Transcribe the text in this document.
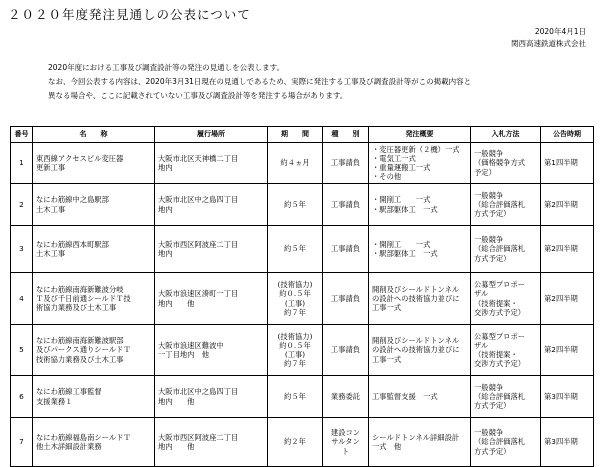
２０２０年度発注見通しの公表について
2020年4月1日
関西高速鉄道株式会社
2020年度における工事及び調査設計等の発注の見通しを公表します。
なお、今回公表する内容は、2020年3月31日現在の見通しであるため、実際に発注する工事及び調査設計等がこの掲載内容と
異なる場合や、ここに記載されていない工事及び調査設計等を発注する場合があります。
番号	名　　称	履行場所	期　　間	種　　別	発注概要	入札方法	公告時期
1	東西線アクセスビル変圧器
更新工事	大阪市北区天神橋二丁目
地内	約４ヵ月	工事請負	・変圧器更新（２機）一式
・電気工一式
・重量運搬工一式
・その他	一般競争
（価格競争方式
予定）	第1四半期
2	なにわ筋線中之島駅部
土木工事	大阪市北区中之島四丁目
地内	約５年	工事請負	・開削工　　一式
・駅部躯体工　一式	一般競争
（総合評価落札
方式予定）	第2四半期
3	なにわ筋線西本町駅部
土木工事	大阪市西区阿波座二丁目
地内	約５年	工事請負	・開削工　　一式
・駅部躯体工　一式	一般競争
（総合評価落札
方式予定）	第2四半期
4	なにわ筋線南海新難波分岐
Ｔ及び千日前通シールドＴ技
術協力業務及び土木工事	大阪市浪速区湊町一丁目
地内　　他	(技術協力)
約０.５年
(工事)
約７年	工事請負	開削及びシールドトンネル
の設計への技術協力並びに
工事一式	公募型プロポー
ザル
（技術提案・
交渉方式予定）	第2四半期
5	なにわ筋線南海新難波駅部
及びパークス通りシールドＴ
技術協力業務及び土木工事	大阪市浪速区難波中
一丁目地内　他	(技術協力)
約０.５年
(工事)
約７年	工事請負	開削及びシールドトンネル
の設計への技術協力並びに
工事一式	公募型プロポー
ザル
（技術提案・
交渉方式予定）	第2四半期
6	なにわ筋線工事監督
支援業務１	大阪市北区中之島四丁目
地内　　他	約５年	業務委託	工事監督支援　一式	一般競争
（総合評価落札
方式予定）	第3四半期
7	なにわ筋線福島南シールドＴ
他土木詳細設計業務	大阪市西区阿波座二丁目
地内　　他	約２年	建設コン
サルタン
ト	シールドトンネル詳細設計
一式　他	一般競争
（総合評価落札
方式予定）	第3四半期
